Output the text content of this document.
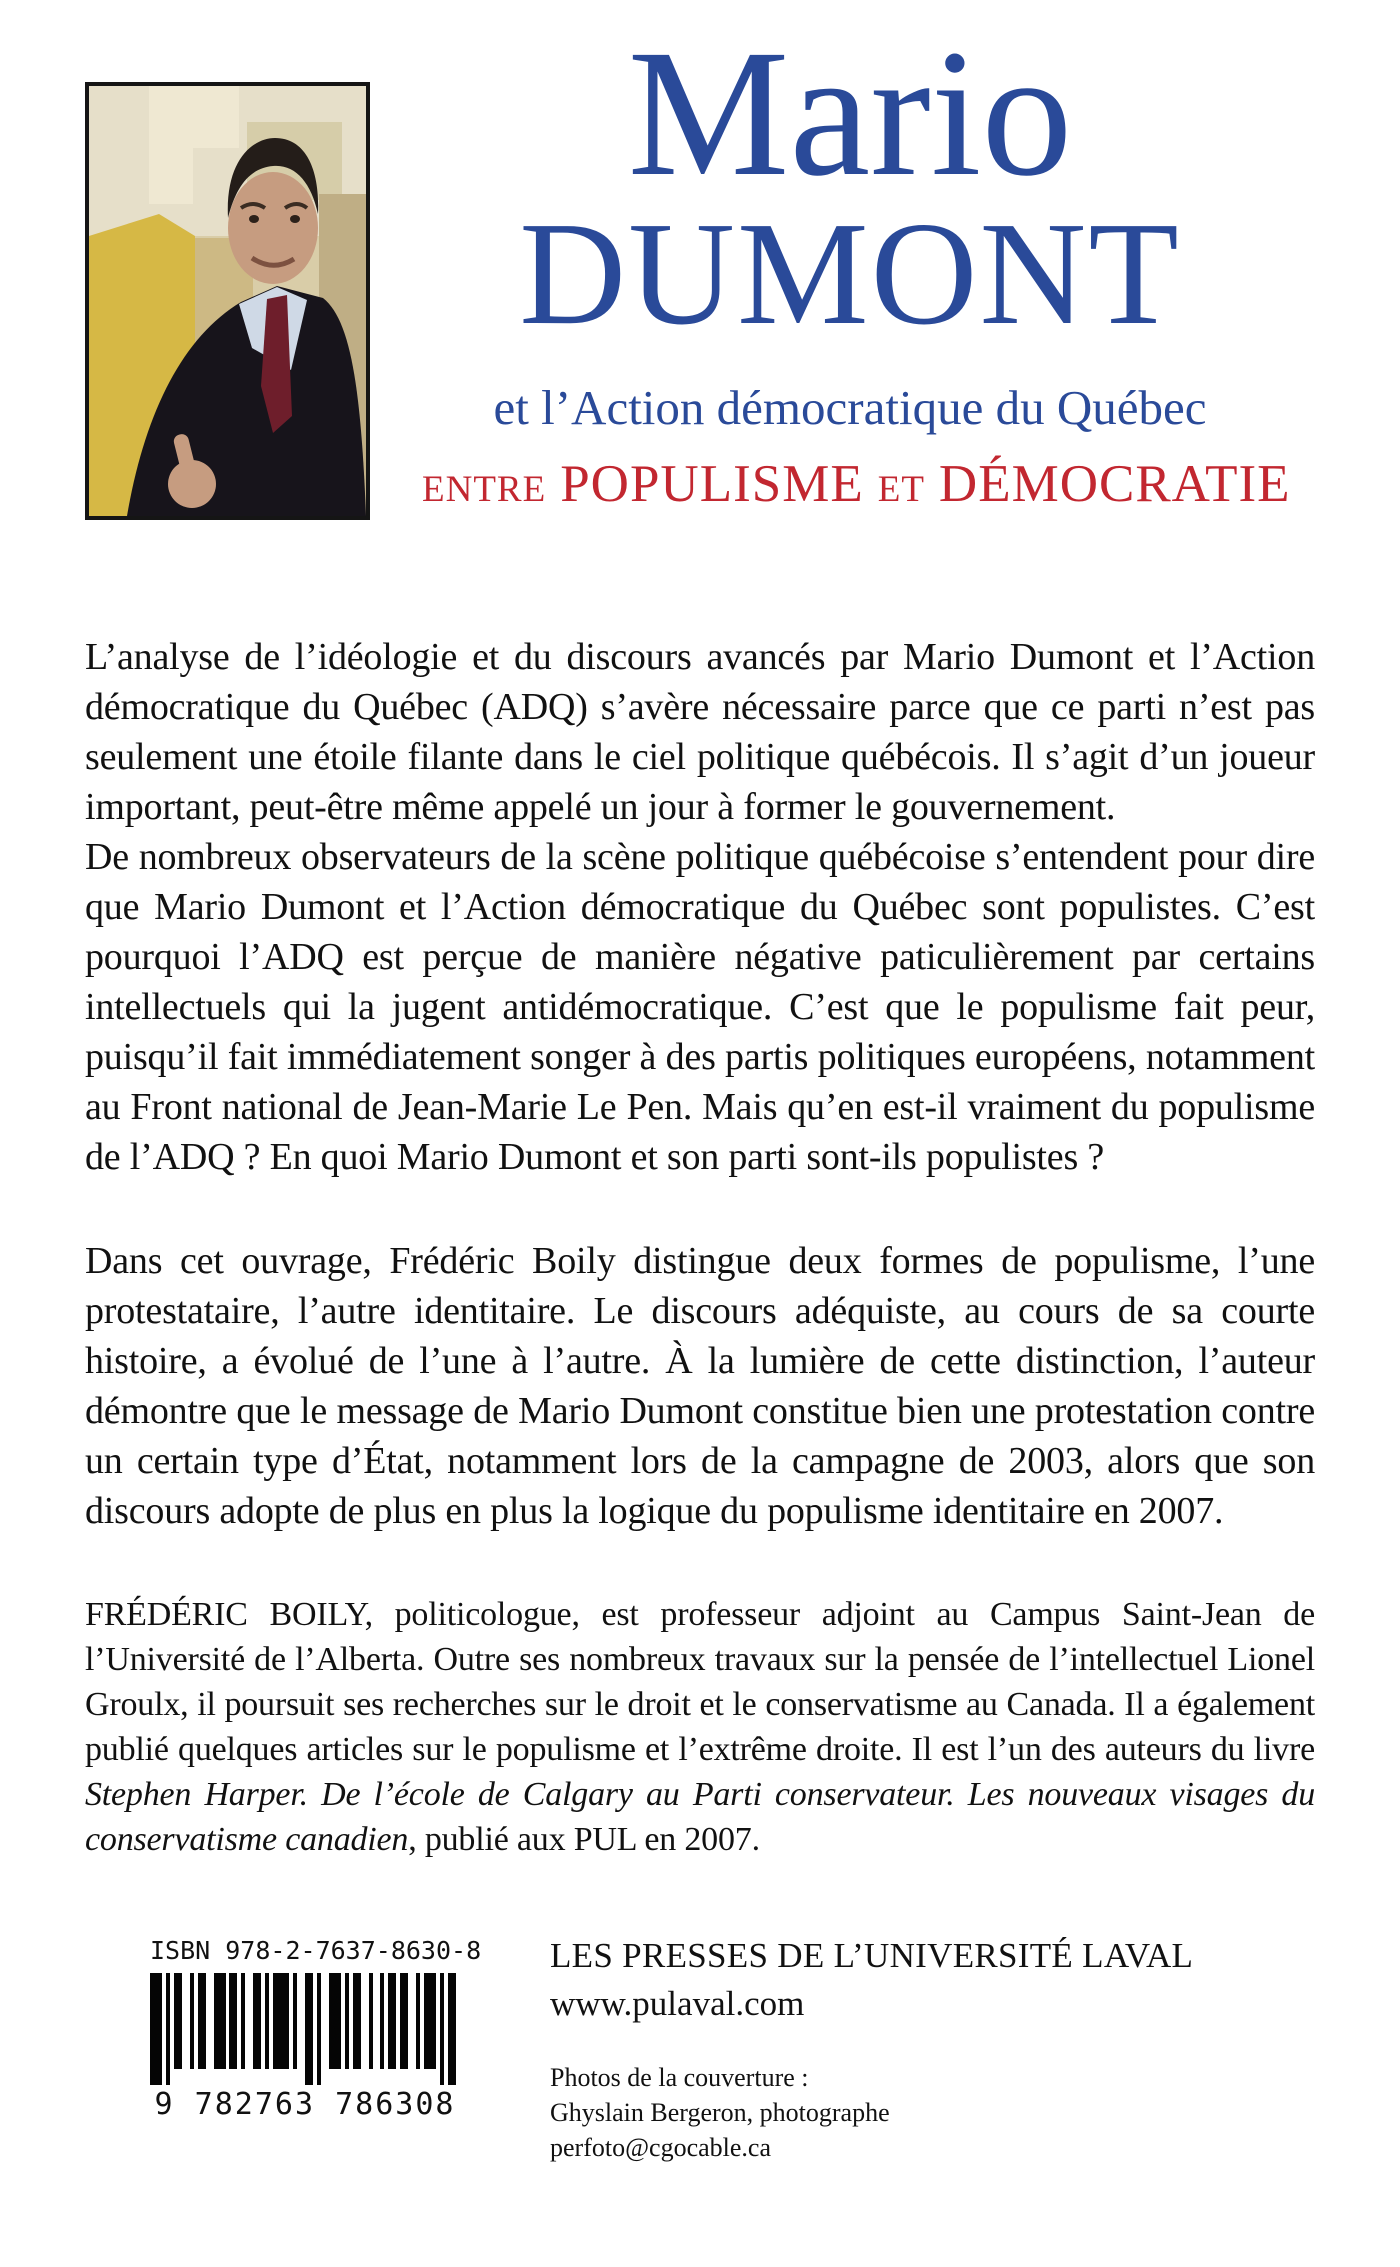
Mario
DUMONT
et l’Action démocratique du Québec
ENTRE POPULISME ET DÉMOCRATIE

L’analyse de l’idéologie et du discours avancés par Mario Dumont et l’Action démocratique du Québec (ADQ) s’avère nécessaire parce que ce parti n’est pas seulement une étoile filante dans le ciel politique québécois. Il s’agit d’un joueur important, peut-être même appelé un jour à former le gouvernement.

De nombreux observateurs de la scène politique québécoise s’entendent pour dire que Mario Dumont et l’Action démocratique du Québec sont populistes. C’est pourquoi l’ADQ est perçue de manière négative paticulièrement par certains intellectuels qui la jugent antidémocratique. C’est que le populisme fait peur, puisqu’il fait immédiatement songer à des partis politiques européens, notamment au Front national de Jean-Marie Le Pen. Mais qu’en est-il vraiment du populisme de l’ADQ ? En quoi Mario Dumont et son parti sont-ils populistes ?

Dans cet ouvrage, Frédéric Boily distingue deux formes de populisme, l’une protestataire, l’autre identitaire. Le discours adéquiste, au cours de sa courte histoire, a évolué de l’une à l’autre. À la lumière de cette distinction, l’auteur démontre que le message de Mario Dumont constitue bien une protestation contre un certain type d’État, notamment lors de la campagne de 2003, alors que son discours adopte de plus en plus la logique du populisme identitaire en 2007.

FRÉDÉRIC BOILY, politicologue, est professeur adjoint au Campus Saint-Jean de l’Université de l’Alberta. Outre ses nombreux travaux sur la pensée de l’intellectuel Lionel Groulx, il poursuit ses recherches sur le droit et le conservatisme au Canada. Il a également publié quelques articles sur le populisme et l’extrême droite. Il est l’un des auteurs du livre Stephen Harper. De l’école de Calgary au Parti conservateur. Les nouveaux visages du conservatisme canadien, publié aux PUL en 2007.

ISBN 978-2-7637-8630-8
9 782763 786308
LES PRESSES DE L’UNIVERSITÉ LAVAL
www.pulaval.com
Photos de la couverture :
Ghyslain Bergeron, photographe
perfoto@cgocable.ca
